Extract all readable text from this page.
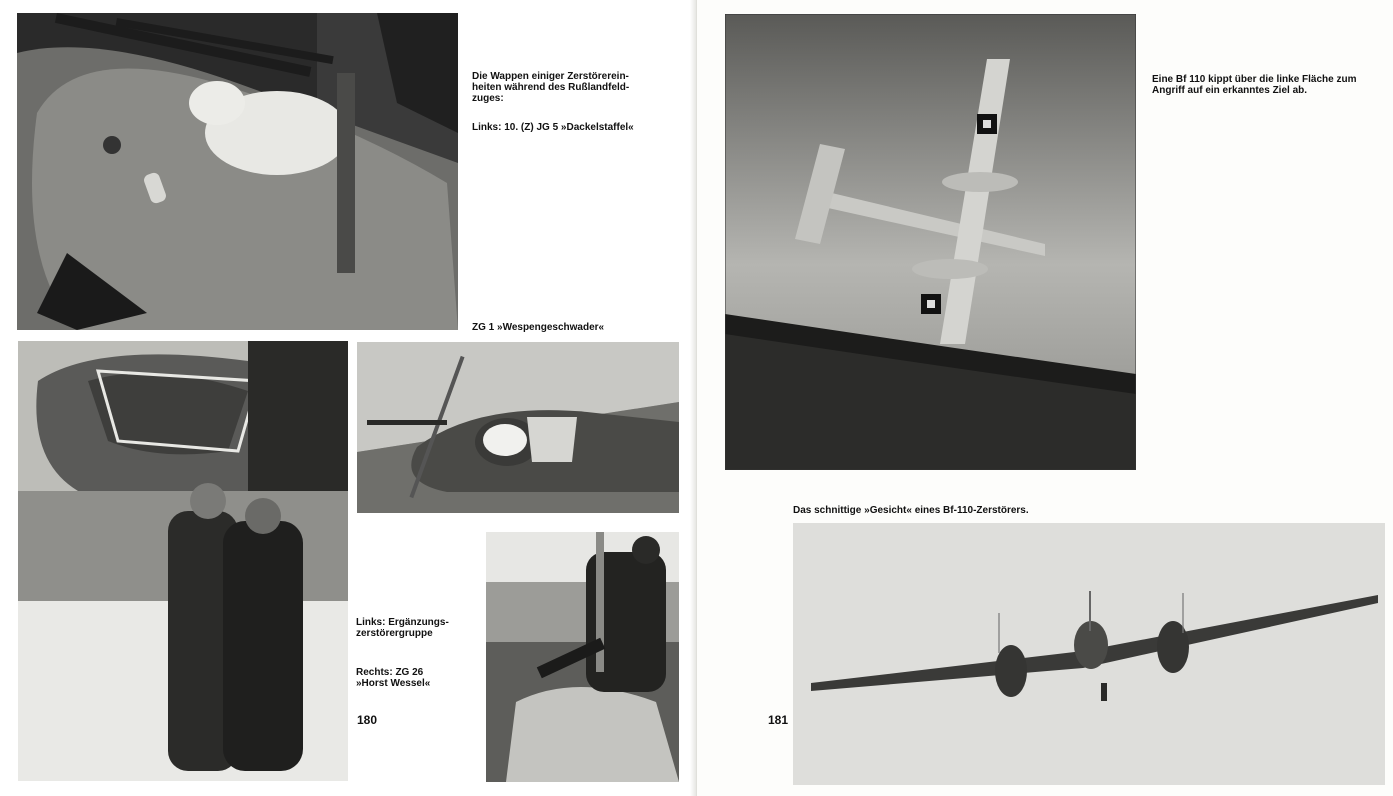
Die Wappen einiger Zerstörerein-

heiten während des Rußlandfeld-

zuges:

Links: 10. (Z) JG 5 »Dackelstaffel«
ZG 1 »Wespengeschwader«

Links: Ergänzungs-

zerstörergruppe

Rechts: ZG 26

»Horst Wessel«

180

Eine Bf 110 kippt über die linke Fläche zum

Angriff auf ein erkanntes Ziel ab.

Das schnittige »Gesicht« eines Bf-110-Zerstörers.
181
